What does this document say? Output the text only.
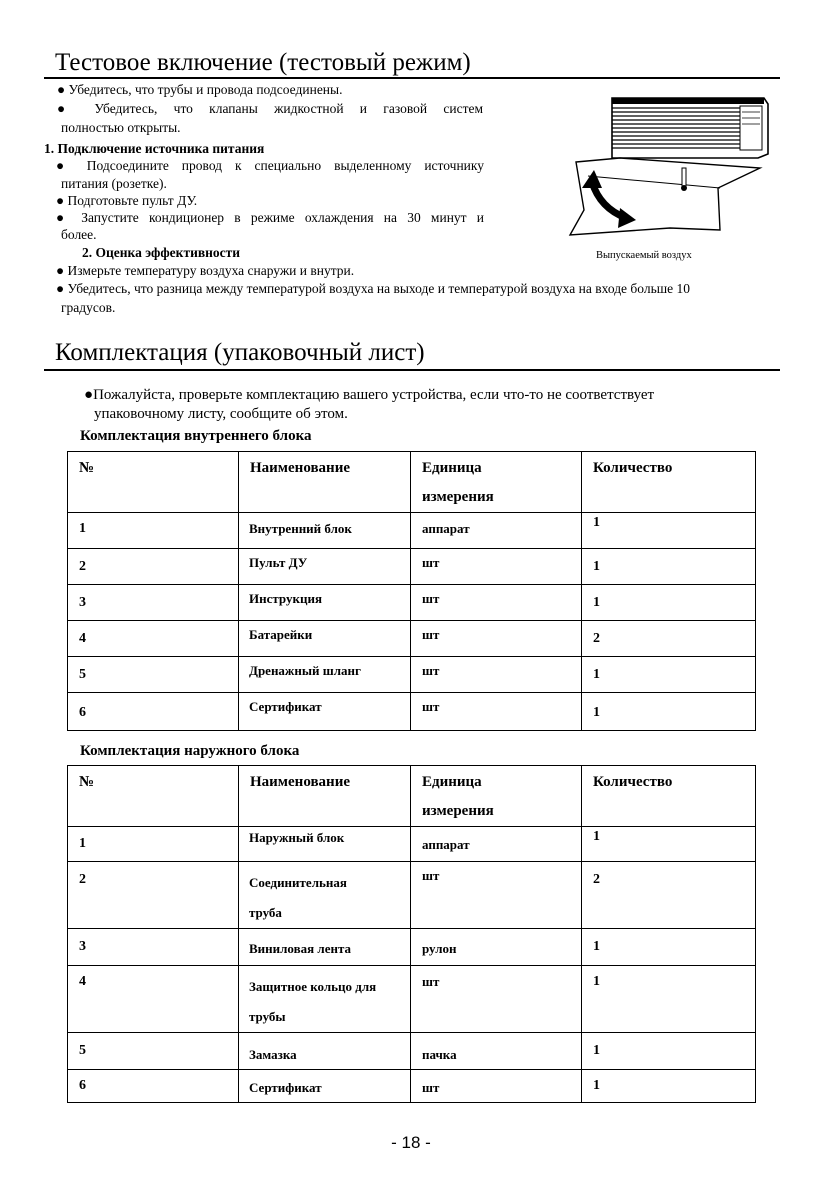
Тестовое включение (тестовый режим)
● Убедитесь, что трубы и провода подсоединены.
● Убедитесь, что клапаны жидкостной и газовой систем
полностью открыты.
1. Подключение источника питания
● Подсоедините провод к специально выделенному источнику
питания (розетке).
● Подготовьте пульт ДУ.
● Запустите кондиционер в режиме охлаждения на 30 минут и
более.
2. Оценка эффективности
● Измерьте температуру воздуха снаружи и внутри.
● Убедитесь, что разница между температурой воздуха на выходе и температурой воздуха на входе больше 10
градусов.
Выпускаемый воздух
Комплектация (упаковочный лист)
●Пожалуйста, проверьте комплектацию вашего устройства, если что-то не соответствует
упаковочному листу, сообщите об этом.
Комплектация внутреннего блока
№	Наименование	Единица
измерения	Количество

1	Внутренний блок	аппарат	1

2	Пульт ДУ	шт	1

3	Инструкция	шт	1

4	Батарейки	шт	2

5	Дренажный шланг	шт	1

6	Сертификат	шт	1
Комплектация наружного блока
№	Наименование	Единица
измерения	Количество

1	Наружный блок	аппарат	1

2	Соединительная
труба	шт	2

3	Виниловая лента	рулон	1

4	Защитное кольцо для
трубы	шт	1

5	Замазка	пачка	1

6	Сертификат	шт	1
- 18 -
